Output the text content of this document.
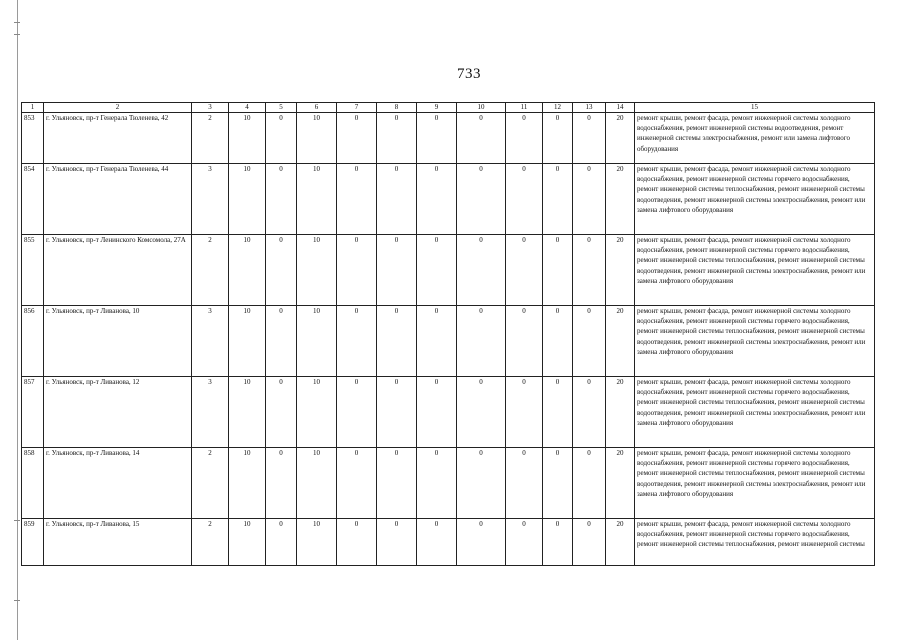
733
1	2	3	4	5	6	7	8	9	10	11	12	13	14	15
853	г. Ульяновск, пр-т Генерала Тюленева, 42	2	10	0	10	0	0	0	0	0	0	0	20	ремонт крыши, ремонт фасада, ремонт инженерной системы холодного водоснабжения, ремонт инженерной системы водоотведения, ремонт инженерной системы электроснабжения, ремонт или замена лифтового оборудования
854	г. Ульяновск, пр-т Генерала Тюленева, 44	3	10	0	10	0	0	0	0	0	0	0	20	ремонт крыши, ремонт фасада, ремонт инженерной системы холодного водоснабжения, ремонт инженерной системы горячего водоснабжения, ремонт инженерной системы теплоснабжения, ремонт инженерной системы водоотведения, ремонт инженерной системы электроснабжения, ремонт или замена лифтового оборудования
855	г. Ульяновск, пр-т Ленинского Комсомола, 27А	2	10	0	10	0	0	0	0	0	0	0	20	ремонт крыши, ремонт фасада, ремонт инженерной системы холодного водоснабжения, ремонт инженерной системы горячего водоснабжения, ремонт инженерной системы теплоснабжения, ремонт инженерной системы водоотведения, ремонт инженерной системы электроснабжения, ремонт или замена лифтового оборудования
856	г. Ульяновск, пр-т Ливанова, 10	3	10	0	10	0	0	0	0	0	0	0	20	ремонт крыши, ремонт фасада, ремонт инженерной системы холодного водоснабжения, ремонт инженерной системы горячего водоснабжения, ремонт инженерной системы теплоснабжения, ремонт инженерной системы водоотведения, ремонт инженерной системы электроснабжения, ремонт или замена лифтового оборудования
857	г. Ульяновск, пр-т Ливанова, 12	3	10	0	10	0	0	0	0	0	0	0	20	ремонт крыши, ремонт фасада, ремонт инженерной системы холодного водоснабжения, ремонт инженерной системы горячего водоснабжения, ремонт инженерной системы теплоснабжения, ремонт инженерной системы водоотведения, ремонт инженерной системы электроснабжения, ремонт или замена лифтового оборудования
858	г. Ульяновск, пр-т Ливанова, 14	2	10	0	10	0	0	0	0	0	0	0	20	ремонт крыши, ремонт фасада, ремонт инженерной системы холодного водоснабжения, ремонт инженерной системы горячего водоснабжения, ремонт инженерной системы теплоснабжения, ремонт инженерной системы водоотведения, ремонт инженерной системы электроснабжения, ремонт или замена лифтового оборудования
859	г. Ульяновск, пр-т Ливанова, 15	2	10	0	10	0	0	0	0	0	0	0	20	ремонт крыши, ремонт фасада, ремонт инженерной системы холодного водоснабжения, ремонт инженерной системы горячего водоснабжения, ремонт инженерной системы теплоснабжения, ремонт инженерной системы
